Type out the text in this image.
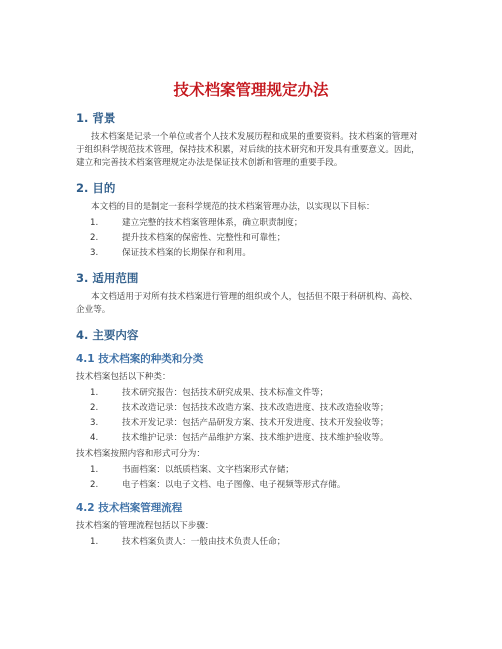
技术档案管理规定办法
1. 背景

技术档案是记录一个单位或者个人技术发展历程和成果的重要资料。技术档案的管理对于组织科学规范技术管理，保持技术积累，对后续的技术研究和开发具有重要意义。因此，建立和完善技术档案管理规定办法是保证技术创新和管理的重要手段。

2. 目的

本文档的目的是制定一套科学规范的技术档案管理办法，以实现以下目标：

1.	建立完整的技术档案管理体系，确立职责制度；
2.	提升技术档案的保密性、完整性和可靠性；
3.	保证技术档案的长期保存和利用。
3. 适用范围

本文档适用于对所有技术档案进行管理的组织或个人，包括但不限于科研机构、高校、企业等。

4. 主要内容
4.1 技术档案的种类和分类

技术档案包括以下种类：

1.	技术研究报告：包括技术研究成果、技术标准文件等；
2.	技术改造记录：包括技术改造方案、技术改造进度、技术改造验收等；
3.	技术开发记录：包括产品研发方案、技术开发进度、技术开发验收等；
4.	技术维护记录：包括产品维护方案、技术维护进度、技术维护验收等。

技术档案按照内容和形式可分为：

1.	书面档案：以纸质档案、文字档案形式存储；
2.	电子档案：以电子文档、电子图像、电子视频等形式存储。
4.2 技术档案管理流程

技术档案的管理流程包括以下步骤：

1.	技术档案负责人：一般由技术负责人任命；
